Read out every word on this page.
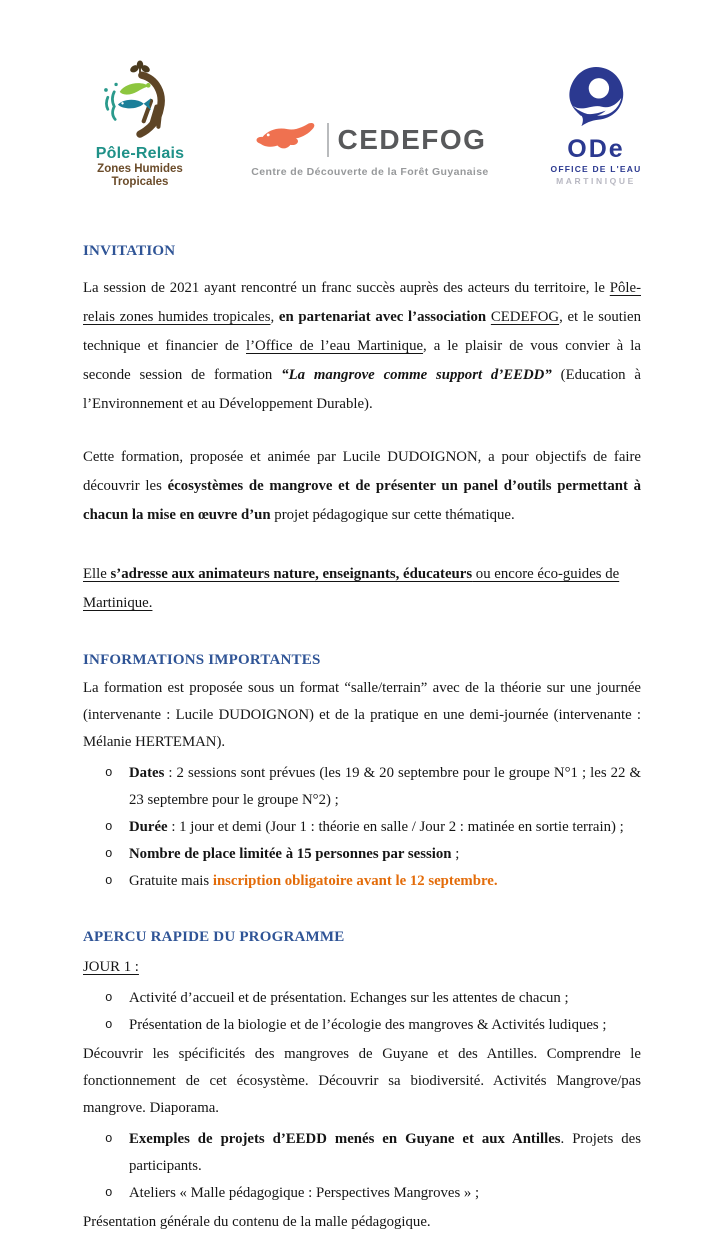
Pôle-Relais
Zones Humides
Tropicales
CEDEFOG
Centre de Découverte de la Forêt Guyanaise
ODe
OFFICE DE L'EAU
MARTINIQUE
INVITATION

La session de 2021 ayant rencontré un franc succès auprès des acteurs du territoire, le Pôle-relais zones humides tropicales, en partenariat avec l’association CEDEFOG, et le soutien technique et financier de l’Office de l’eau Martinique, a le plaisir de vous convier à la seconde session de formation “La mangrove comme support d’EEDD” (Education à l’Environnement et au Développement Durable).

Cette formation, proposée et animée par Lucile DUDOIGNON, a pour objectifs de faire découvrir les écosystèmes de mangrove et de présenter un panel d’outils permettant à chacun la mise en œuvre d’un projet pédagogique sur cette thématique.

Elle s’adresse aux animateurs nature, enseignants, éducateurs ou encore éco-guides de Martinique.

INFORMATIONS IMPORTANTES

La formation est proposée sous un format “salle/terrain” avec de la théorie sur une journée (intervenante : Lucile DUDOIGNON) et de la pratique en une demi-journée (intervenante : Mélanie HERTEMAN).

o	Dates : 2 sessions sont prévues (les 19 & 20 septembre pour le groupe N°1 ; les 22 & 23 septembre pour le groupe N°2) ;
o	Durée : 1 jour et demi (Jour 1 : théorie en salle / Jour 2 : matinée en sortie terrain) ;
o	Nombre de place limitée à 15 personnes par session ;
o	Gratuite mais inscription obligatoire avant le 12 septembre.
APERCU RAPIDE DU PROGRAMME

JOUR 1 :

o	Activité d’accueil et de présentation. Echanges sur les attentes de chacun ;
o	Présentation de la biologie et de l’écologie des mangroves & Activités ludiques ;

Découvrir les spécificités des mangroves de Guyane et des Antilles. Comprendre le fonctionnement de cet écosystème. Découvrir sa biodiversité. Activités Mangrove/pas mangrove. Diaporama.

o	Exemples de projets d’EEDD menés en Guyane et aux Antilles. Projets des participants.
o	Ateliers « Malle pédagogique : Perspectives Mangroves » ;

Présentation générale du contenu de la malle pédagogique.
